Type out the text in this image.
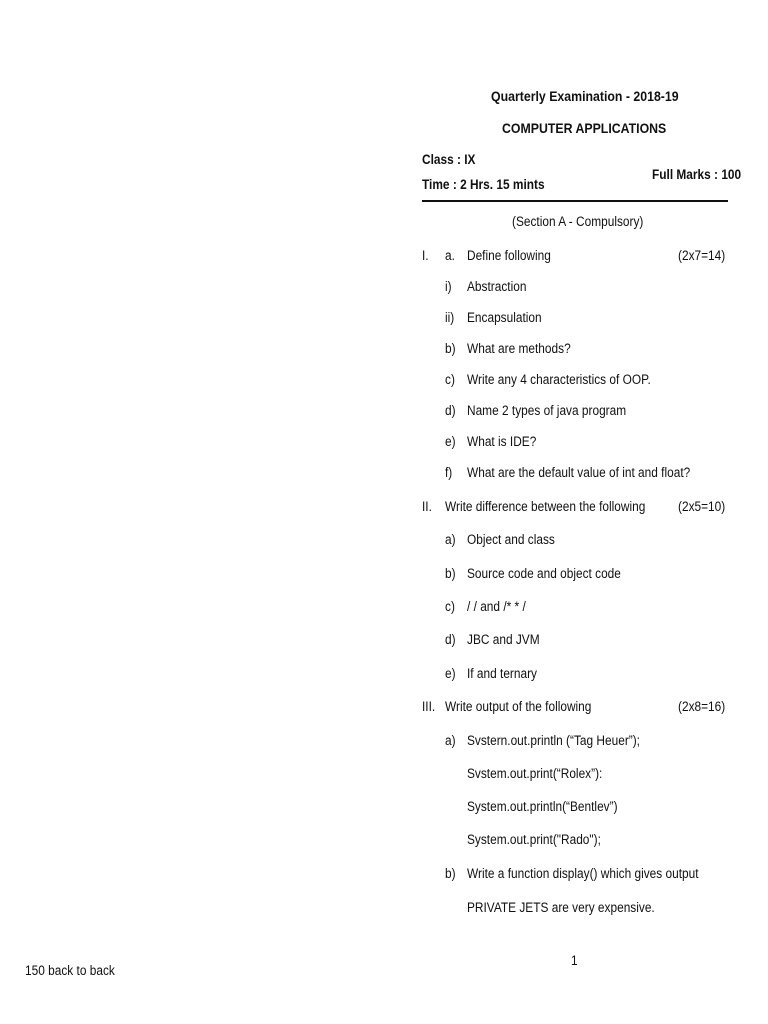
Quarterly Examination - 2018-19
COMPUTER APPLICATIONS
Class : IX
Time : 2 Hrs. 15 mints
Full Marks : 100
(Section A - Compulsory)
I. a. Define following	(2x7=14)
i) Abstraction
ii) Encapsulation
b) What are methods?
c) Write any 4 characteristics of OOP.
d) Name 2 types of java program
e) What is IDE?
f) What are the default value of int and float?
II. Write difference between the following (2x5=10)
a) Object and class
b) Source code and object code
c) / / and /* * /
d) JBC and JVM
e) If and ternary
III. Write output of the following	(2x8=16)
a) Svstern.out.println (“Tag Heuer”);
Svstem.out.print(“Rolex”):
System.out.println(“Bentlev”)
System.out.print("Rado");
b) Write a function display() which gives output
PRIVATE JETS are very expensive.
150 back to back
1
